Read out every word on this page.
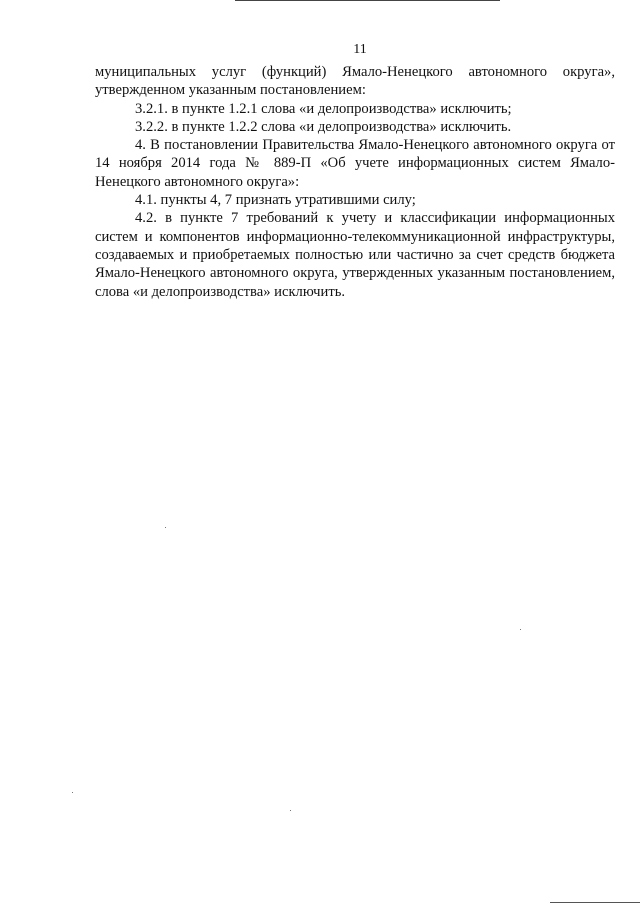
11

муниципальных услуг (функций) Ямало-Ненецкого автономного округа», утвержденном указанным постановлением:

3.2.1. в пункте 1.2.1 слова «и делопроизводства» исключить;

3.2.2. в пункте 1.2.2 слова «и делопроизводства» исключить.

4. В постановлении Правительства Ямало-Ненецкого автономного округа от 14 ноября 2014 года № 889-П «Об учете информационных систем Ямало-Ненецкого автономного округа»:

4.1. пункты 4, 7 признать утратившими силу;

4.2. в пункте 7 требований к учету и классификации информационных систем и компонентов информационно-телекоммуникационной инфраструктуры, создаваемых и приобретаемых полностью или частично за счет средств бюджета Ямало-Ненецкого автономного округа, утвержденных указанным постановлением, слова «и делопроизводства» исключить.
